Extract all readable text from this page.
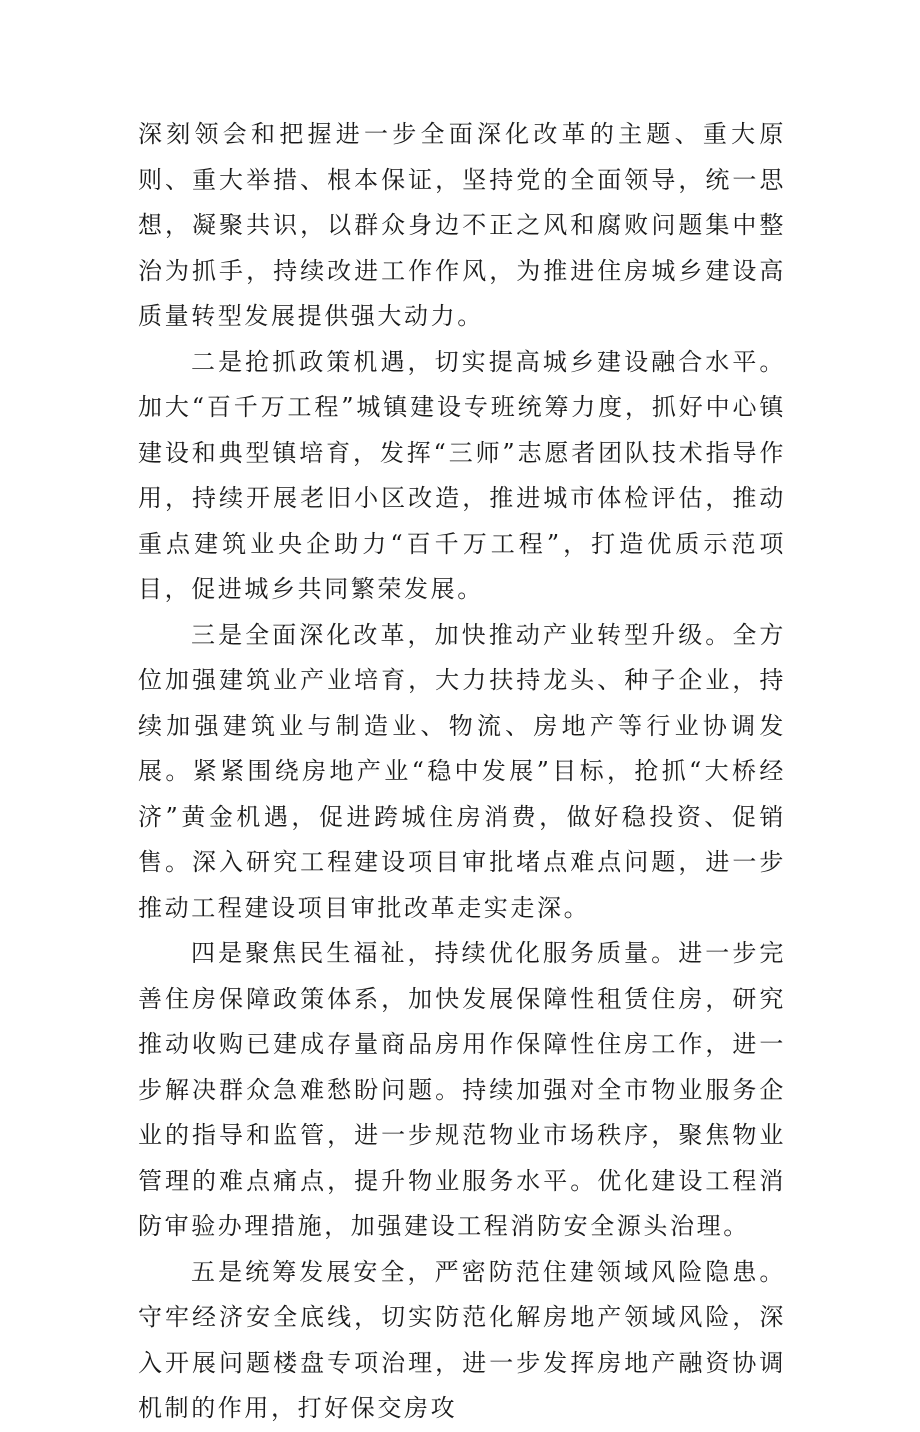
深刻领会和把握进一步全面深化改革的主题、重大原则、重大举措、根本保证，坚持党的全面领导，统一思想，凝聚共识，以群众身边不正之风和腐败问题集中整治为抓手，持续改进工作作风，为推进住房城乡建设高质量转型发展提供强大动力。

二是抢抓政策机遇，切实提高城乡建设融合水平。加大“百千万工程”城镇建设专班统筹力度，抓好中心镇建设和典型镇培育，发挥“三师”志愿者团队技术指导作用，持续开展老旧小区改造，推进城市体检评估，推动重点建筑业央企助力“百千万工程”，打造优质示范项目，促进城乡共同繁荣发展。

三是全面深化改革，加快推动产业转型升级。全方位加强建筑业产业培育，大力扶持龙头、种子企业，持续加强建筑业与制造业、物流、房地产等行业协调发展。紧紧围绕房地产业“稳中发展”目标，抢抓“大桥经济”黄金机遇，促进跨城住房消费，做好稳投资、促销售。深入研究工程建设项目审批堵点难点问题，进一步推动工程建设项目审批改革走实走深。

四是聚焦民生福祉，持续优化服务质量。进一步完善住房保障政策体系，加快发展保障性租赁住房，研究推动收购已建成存量商品房用作保障性住房工作，进一步解决群众急难愁盼问题。持续加强对全市物业服务企业的指导和监管，进一步规范物业市场秩序，聚焦物业管理的难点痛点，提升物业服务水平。优化建设工程消防审验办理措施，加强建设工程消防安全源头治理。

五是统筹发展安全，严密防范住建领域风险隐患。守牢经济安全底线，切实防范化解房地产领域风险，深入开展问题楼盘专项治理，进一步发挥房地产融资协调机制的作用，打好保交房攻
